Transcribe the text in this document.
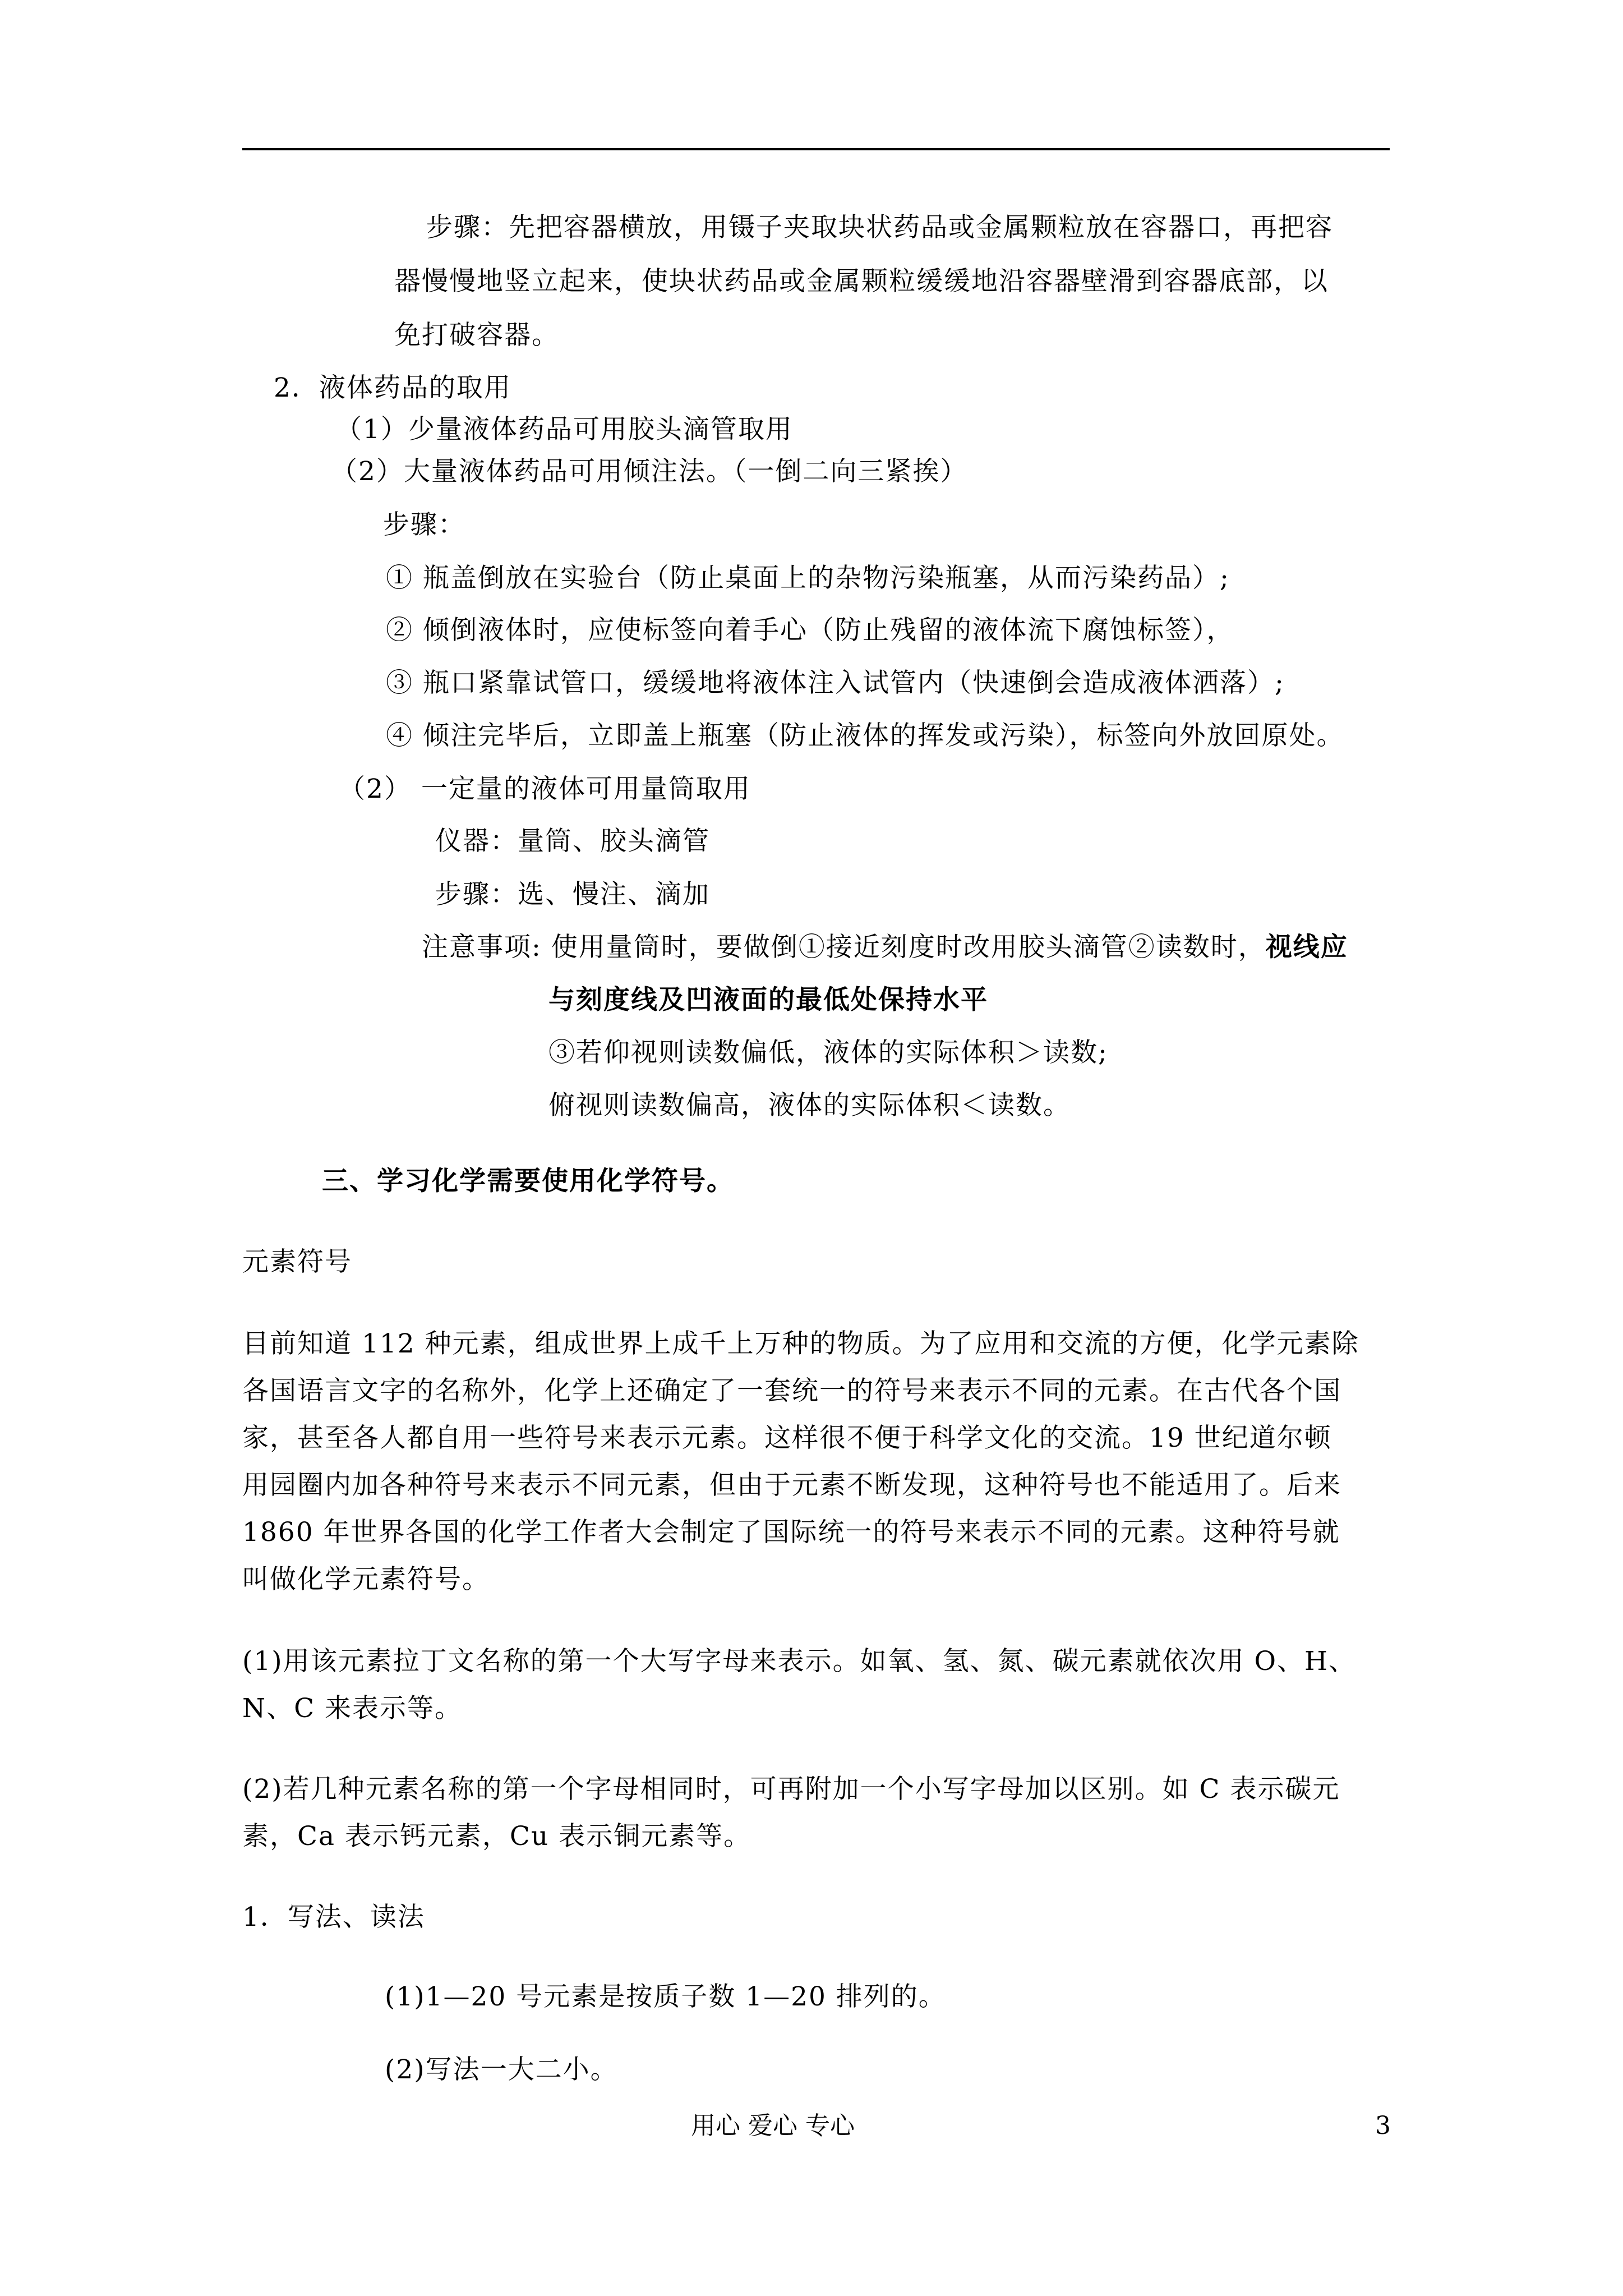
步骤：先把容器横放，用镊子夹取块状药品或金属颗粒放在容器口，再把容
器慢慢地竖立起来，使块状药品或金属颗粒缓缓地沿容器壁滑到容器底部，以
免打破容器。
2．液体药品的取用
（1）少量液体药品可用胶头滴管取用
（2）大量液体药品可用倾注法。（一倒二向三紧挨）
步骤：
① 瓶盖倒放在实验台（防止桌面上的杂物污染瓶塞，从而污染药品）;
② 倾倒液体时，应使标签向着手心（防止残留的液体流下腐蚀标签），
③ 瓶口紧靠试管口，缓缓地将液体注入试管内（快速倒会造成液体洒落）;
④ 倾注完毕后，立即盖上瓶塞（防止液体的挥发或污染），标签向外放回原处。
（2） 一定量的液体可用量筒取用
仪器：量筒、胶头滴管
步骤：选、慢注、滴加
注意事项: 使用量筒时，要做倒①接近刻度时改用胶头滴管②读数时，视线应
与刻度线及凹液面的最低处保持水平
③若仰视则读数偏低，液体的实际体积＞读数;
俯视则读数偏高，液体的实际体积＜读数。
三、学习化学需要使用化学符号。
元素符号
目前知道 112 种元素，组成世界上成千上万种的物质。为了应用和交流的方便，化学元素除
各国语言文字的名称外，化学上还确定了一套统一的符号来表示不同的元素。在古代各个国
家，甚至各人都自用一些符号来表示元素。这样很不便于科学文化的交流。19 世纪道尔顿
用园圈内加各种符号来表示不同元素，但由于元素不断发现，这种符号也不能适用了。后来
1860 年世界各国的化学工作者大会制定了国际统一的符号来表示不同的元素。这种符号就
叫做化学元素符号。
(1)用该元素拉丁文名称的第一个大写字母来表示。如氧、氢、氮、碳元素就依次用 O、H、
N、C 来表示等。
(2)若几种元素名称的第一个字母相同时，可再附加一个小写字母加以区别。如 C 表示碳元
素，Ca 表示钙元素，Cu 表示铜元素等。
1．写法、读法
(1)1—20 号元素是按质子数 1—20 排列的。
(2)写法一大二小。
用心 爱心 专心	3
